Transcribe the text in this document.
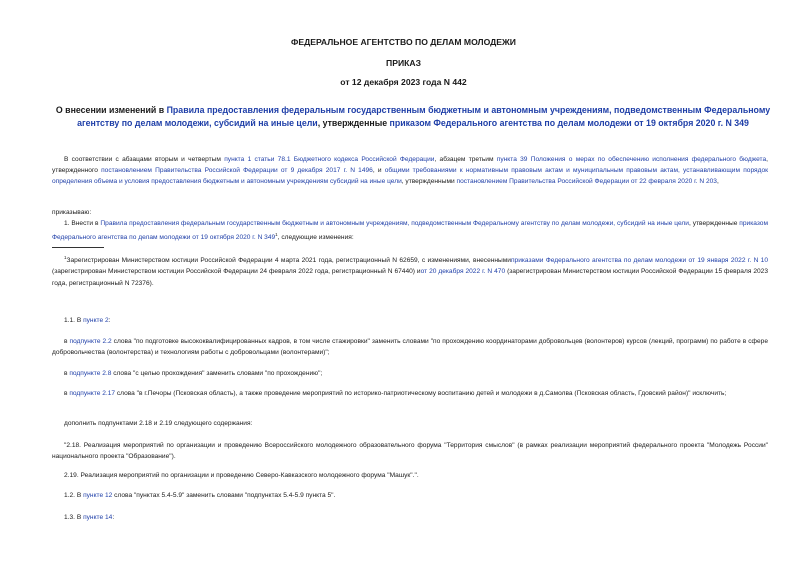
ФЕДЕРАЛЬНОЕ АГЕНТСТВО ПО ДЕЛАМ МОЛОДЕЖИ
ПРИКАЗ
от 12 декабря 2023 года N 442
О внесении изменений в Правила предоставления федеральным государственным бюджетным и автономным учреждениям, подведомственным Федеральному агентству по делам молодежи, субсидий на иные цели, утвержденные приказом Федерального агентства по делам молодежи от 19 октября 2020 г. N 349

В соответствии с абзацами вторым и четвертым пункта 1 статьи 78.1 Бюджетного кодекса Российской Федерации, абзацем третьим пункта 39 Положения о мерах по обеспечению исполнения федерального бюджета, утвержденного постановлением Правительства Российской Федерации от 9 декабря 2017 г. N 1496, и общими требованиями к нормативным правовым актам и муниципальным правовым актам, устанавливающим порядок определения объема и условия предоставления бюджетным и автономным учреждениям субсидий на иные цели, утвержденными постановлением Правительства Российской Федерации от 22 февраля 2020 г. N 203,

приказываю:

1. Внести в Правила предоставления федеральным государственным бюджетным и автономным учреждениям, подведомственным Федеральному агентству по делам молодежи, субсидий на иные цели, утвержденные приказом Федерального агентства по делам молодежи от 19 октября 2020 г. N $349^1$, следующие изменения:

$^1$Зарегистрирован Министерством юстиции Российской Федерации 4 марта 2021 года, регистрационный N 62659, с изменениями, внесеннымиприказами Федерального агентства по делам молодежи от 19 января 2022 г. N 10 (зарегистрирован Министерством юстиции Российской Федерации 24 февраля 2022 года, регистрационный N 67440) иот 20 декабря 2022 г. N 470 (зарегистрирован Министерством юстиции Российской Федерации 15 февраля 2023 года, регистрационный N 72376).

1.1. В пункте 2:

в подпункте 2.2 слова "по подготовке высококвалифицированных кадров, в том числе стажировки" заменить словами "по прохождению координаторами добровольцев (волонтеров) курсов (лекций, программ) по работе в сфере добровольчества (волонтерства) и технологиям работы с добровольцами (волонтерами)";

в подпункте 2.8 слова "с целью прохождения" заменить словами "по прохождению";

в подпункте 2.17 слова "в г.Печоры (Псковская область), а также проведение мероприятий по историко-патриотическому воспитанию детей и молодежи в д.Самолва (Псковская область, Гдовский район)" исключить;

дополнить подпунктами 2.18 и 2.19 следующего содержания:

"2.18. Реализация мероприятий по организации и проведению Всероссийского молодежного образовательного форума "Территория смыслов" (в рамках реализации мероприятий федерального проекта "Молодежь России" национального проекта "Образование").

2.19. Реализация мероприятий по организации и проведению Северо-Кавказского молодежного форума "Машук".".

1.2. В пункте 12 слова "пунктах 5.4-5.9" заменить словами "подпунктах 5.4-5.9 пункта 5".

1.3. В пункте 14:
